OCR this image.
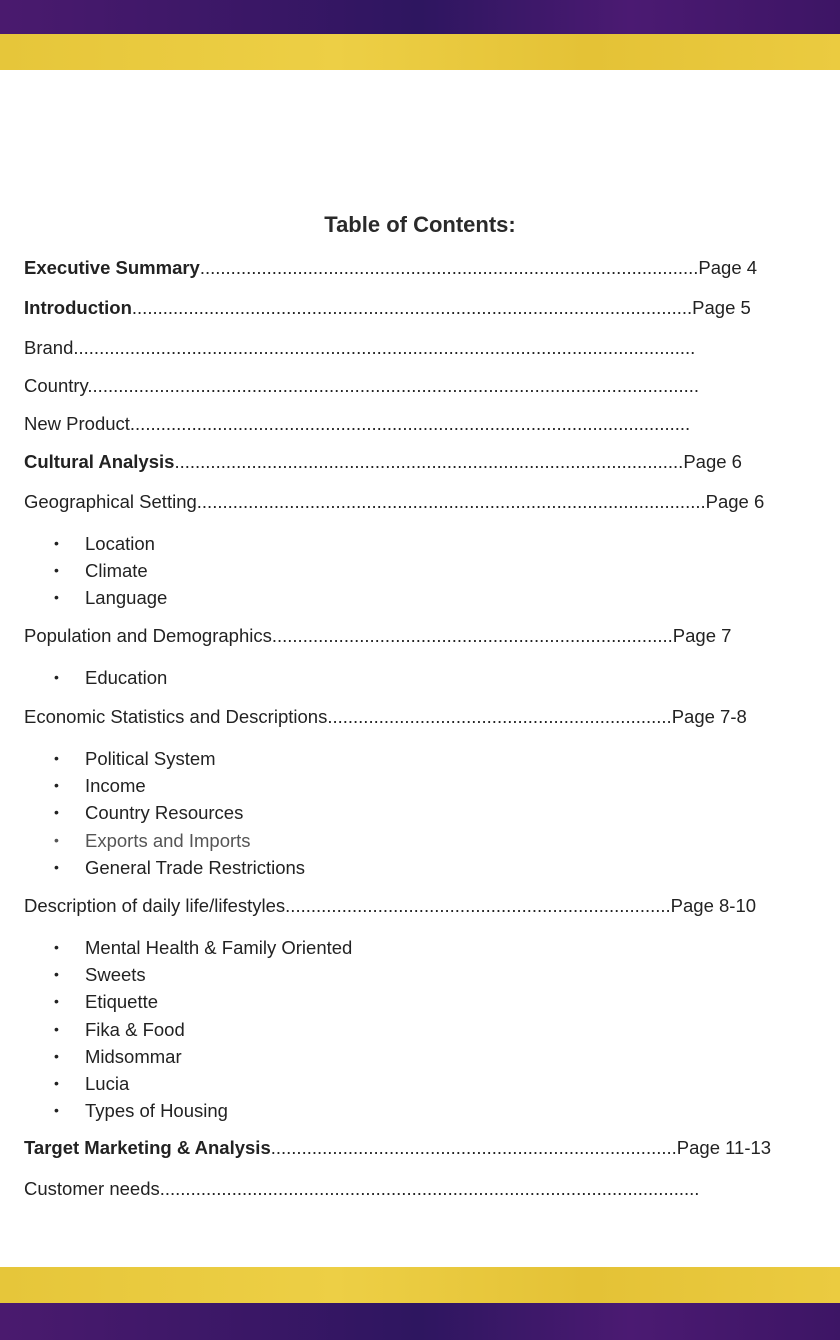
Table of Contents:
Executive Summary.................................................................................................Page 4
Introduction.............................................................................................................Page 5
Brand.........................................................................................................................
Country.......................................................................................................................
New Product.............................................................................................................
Cultural Analysis...................................................................................................Page 6
Geographical Setting...................................................................................................Page 6
• Location
• Climate
• Language
Population and Demographics..............................................................................Page 7
• Education
Economic Statistics and Descriptions...................................................................Page 7-8
• Political System
• Income
• Country Resources
• Exports and Imports
• General Trade Restrictions
Description of daily life/lifestyles...........................................................................Page 8-10
• Mental Health & Family Oriented
• Sweets
• Etiquette
• Fika & Food
• Midsommar
• Lucia
• Types of Housing
Target Marketing & Analysis...............................................................................Page 11-13
Customer needs.........................................................................................................
